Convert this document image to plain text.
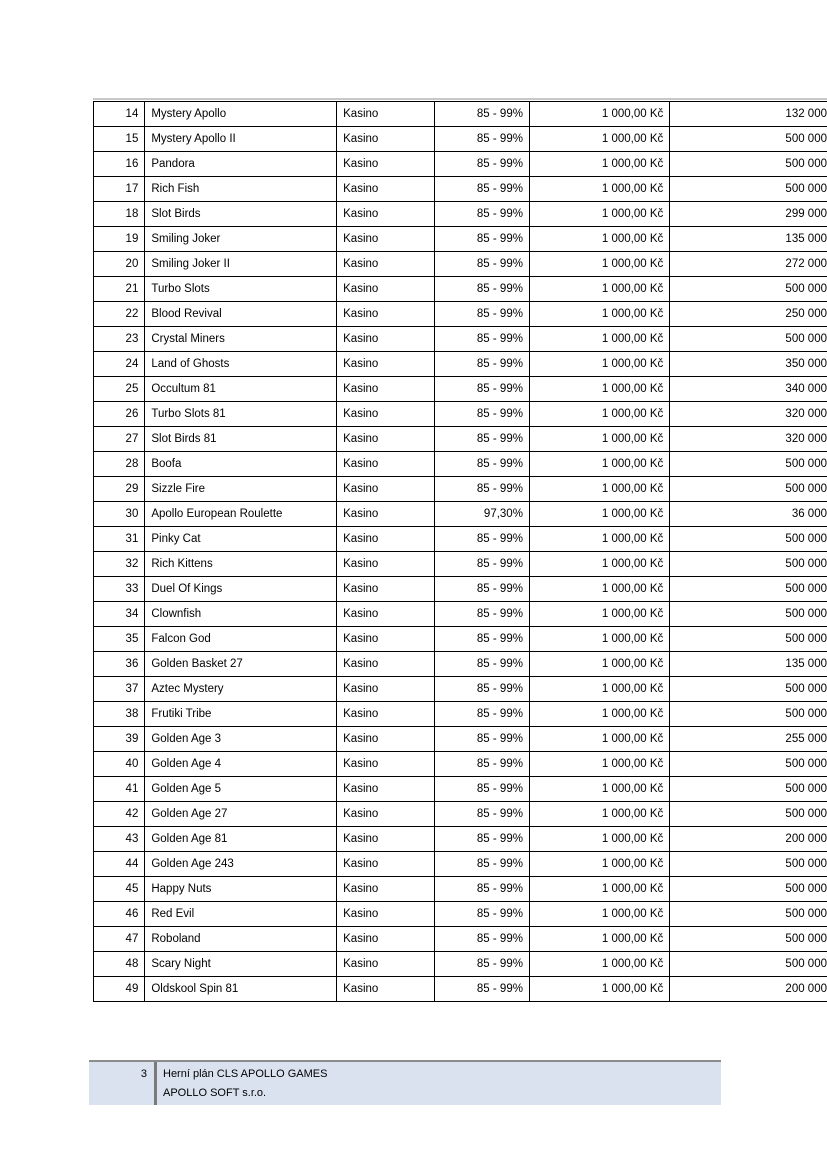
14	Mystery Apollo	Kasino	85 - 99%	1 000,00 Kč	132 000
15	Mystery Apollo II	Kasino	85 - 99%	1 000,00 Kč	500 000
16	Pandora	Kasino	85 - 99%	1 000,00 Kč	500 000
17	Rich Fish	Kasino	85 - 99%	1 000,00 Kč	500 000
18	Slot Birds	Kasino	85 - 99%	1 000,00 Kč	299 000
19	Smiling Joker	Kasino	85 - 99%	1 000,00 Kč	135 000
20	Smiling Joker II	Kasino	85 - 99%	1 000,00 Kč	272 000
21	Turbo Slots	Kasino	85 - 99%	1 000,00 Kč	500 000
22	Blood Revival	Kasino	85 - 99%	1 000,00 Kč	250 000
23	Crystal Miners	Kasino	85 - 99%	1 000,00 Kč	500 000
24	Land of Ghosts	Kasino	85 - 99%	1 000,00 Kč	350 000
25	Occultum 81	Kasino	85 - 99%	1 000,00 Kč	340 000
26	Turbo Slots 81	Kasino	85 - 99%	1 000,00 Kč	320 000
27	Slot Birds 81	Kasino	85 - 99%	1 000,00 Kč	320 000
28	Boofa	Kasino	85 - 99%	1 000,00 Kč	500 000
29	Sizzle Fire	Kasino	85 - 99%	1 000,00 Kč	500 000
30	Apollo European Roulette	Kasino	97,30%	1 000,00 Kč	36 000
31	Pinky Cat	Kasino	85 - 99%	1 000,00 Kč	500 000
32	Rich Kittens	Kasino	85 - 99%	1 000,00 Kč	500 000
33	Duel Of Kings	Kasino	85 - 99%	1 000,00 Kč	500 000
34	Clownfish	Kasino	85 - 99%	1 000,00 Kč	500 000
35	Falcon God	Kasino	85 - 99%	1 000,00 Kč	500 000
36	Golden Basket 27	Kasino	85 - 99%	1 000,00 Kč	135 000
37	Aztec Mystery	Kasino	85 - 99%	1 000,00 Kč	500 000
38	Frutiki Tribe	Kasino	85 - 99%	1 000,00 Kč	500 000
39	Golden Age 3	Kasino	85 - 99%	1 000,00 Kč	255 000
40	Golden Age 4	Kasino	85 - 99%	1 000,00 Kč	500 000
41	Golden Age 5	Kasino	85 - 99%	1 000,00 Kč	500 000
42	Golden Age 27	Kasino	85 - 99%	1 000,00 Kč	500 000
43	Golden Age 81	Kasino	85 - 99%	1 000,00 Kč	200 000
44	Golden Age 243	Kasino	85 - 99%	1 000,00 Kč	500 000
45	Happy Nuts	Kasino	85 - 99%	1 000,00 Kč	500 000
46	Red Evil	Kasino	85 - 99%	1 000,00 Kč	500 000
47	Roboland	Kasino	85 - 99%	1 000,00 Kč	500 000
48	Scary Night	Kasino	85 - 99%	1 000,00 Kč	500 000
49	Oldskool Spin 81	Kasino	85 - 99%	1 000,00 Kč	200 000
3 Herní plán CLS APOLLO GAMES
APOLLO SOFT s.r.o.
